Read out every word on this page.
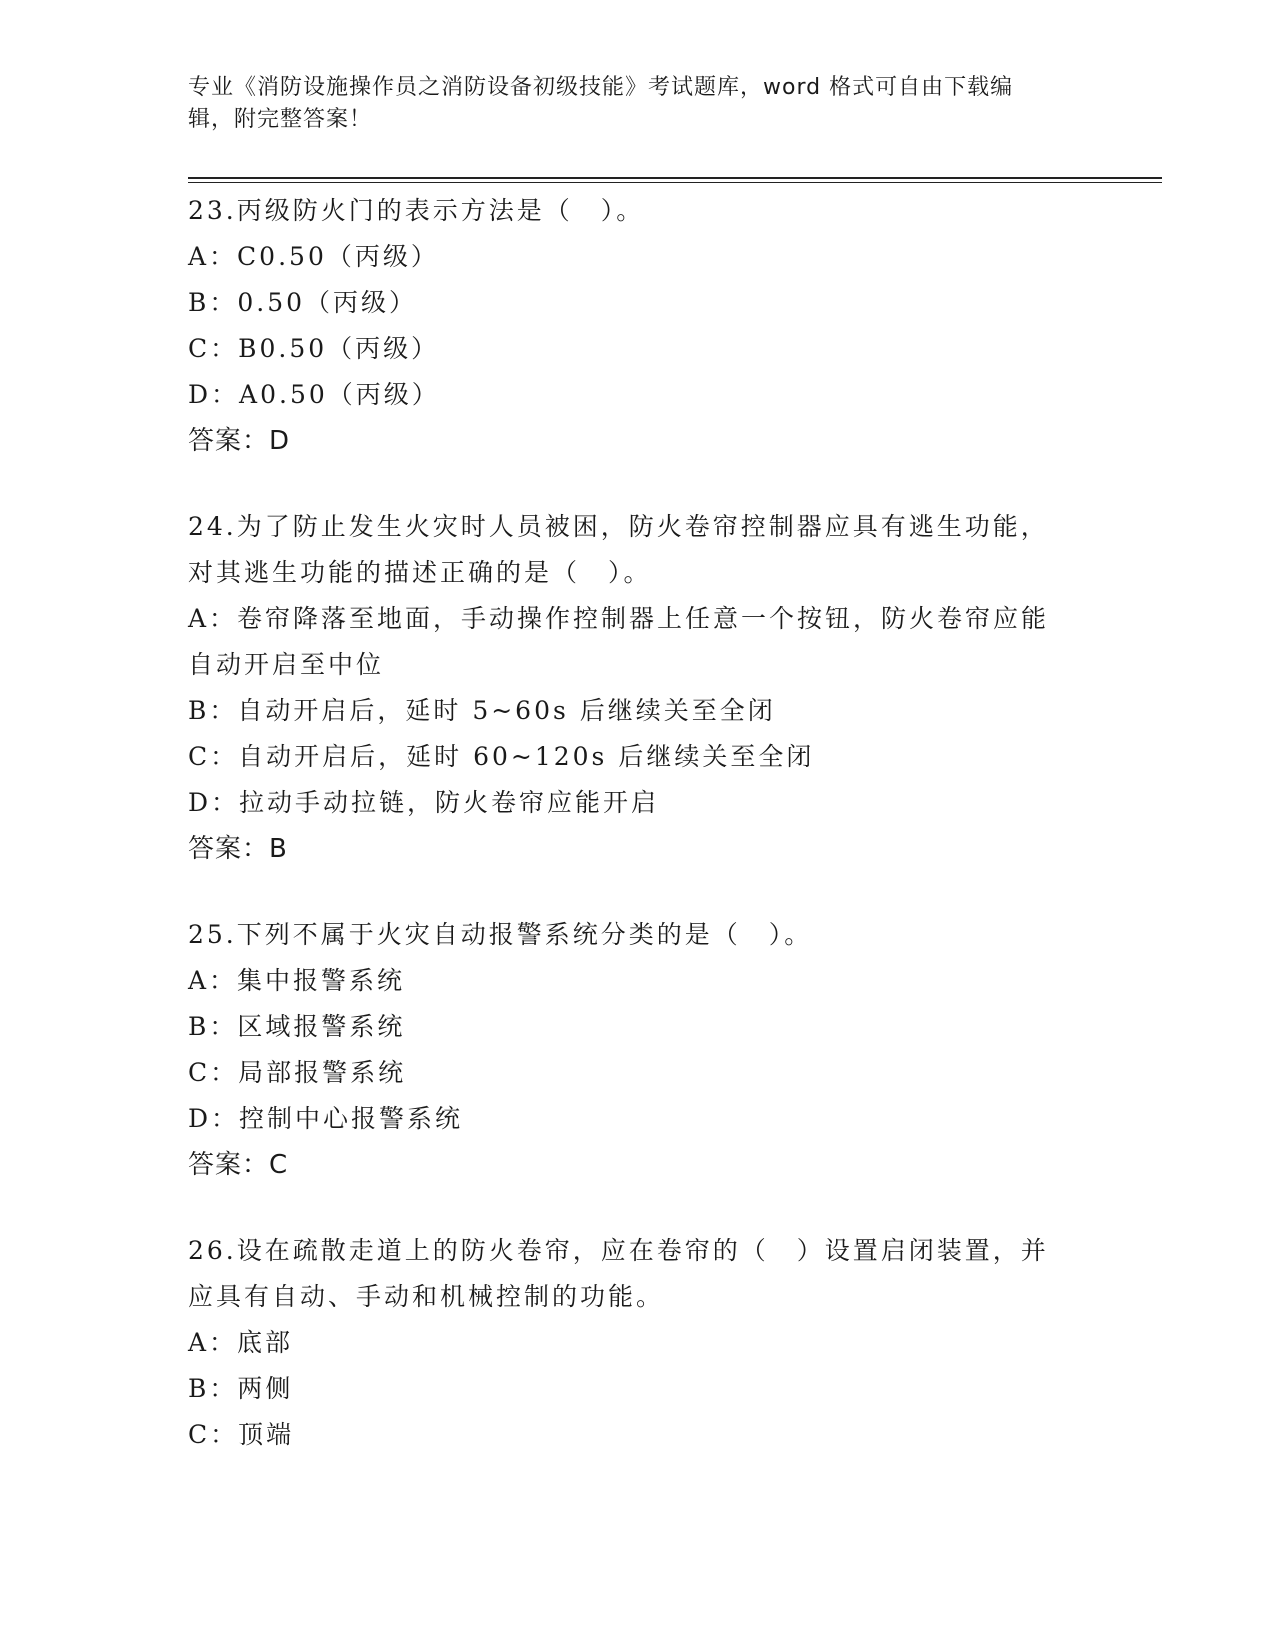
专业《消防设施操作员之消防设备初级技能》考试题库，word 格式可自由下载编
辑，附完整答案！
23.丙级防火门的表示方法是（　）。
A：C0.50（丙级）
B：0.50（丙级）
C：B0.50（丙级）
D：A0.50（丙级）
答案： D
24.为了防止发生火灾时人员被困，防火卷帘控制器应具有逃生功能，
对其逃生功能的描述正确的是（　）。
A：卷帘降落至地面，手动操作控制器上任意一个按钮，防火卷帘应能
自动开启至中位
B：自动开启后，延时 5~60s 后继续关至全闭
C：自动开启后，延时 60~120s 后继续关至全闭
D：拉动手动拉链，防火卷帘应能开启
答案： B
25.下列不属于火灾自动报警系统分类的是（　）。
A：集中报警系统
B：区域报警系统
C：局部报警系统
D：控制中心报警系统
答案： C
26.设在疏散走道上的防火卷帘，应在卷帘的（　）设置启闭装置，并
应具有自动、手动和机械控制的功能。
A：底部
B：两侧
C：顶端
